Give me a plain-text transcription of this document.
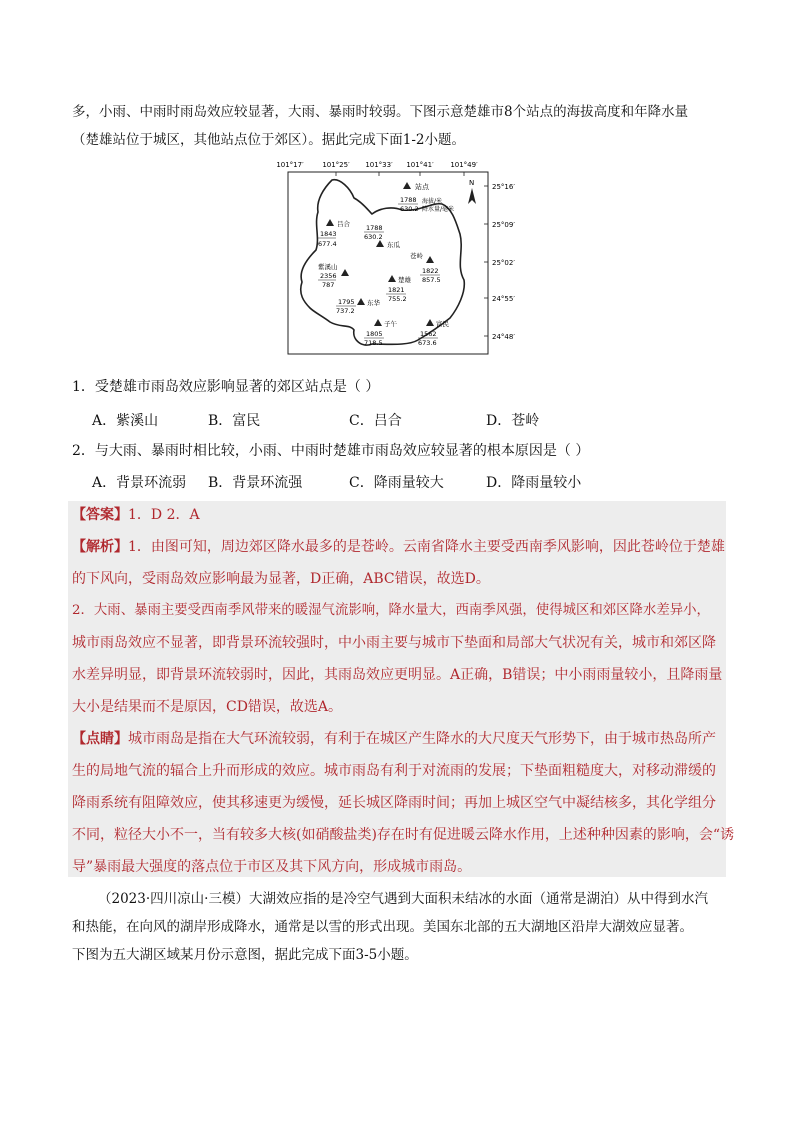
多，小雨、中雨时雨岛效应较显著，大雨、暴雨时较弱。下图示意楚雄市8个站点的海拔高度和年降水量
（楚雄站位于城区，其他站点位于郊区）。据此完成下面1-2小题。
101°17′	101°25′ 101°33′ 101°41′ 101°49′
25°16′
25°09′
25°02′
24°55′
24°48′
N
站点
1788
630.2
海拔/米
降水量/毫米
吕合
1843
677.4
1788
630.2
东瓜
紫溪山
2356
787
楚雄
1821
755.2
苍岭
1822
857.5
1795
737.2
东华
子午
1805
718.5
富民
1562
673.6
1．受楚雄市雨岛效应影响显著的郊区站点是（ ）
A．紫溪山	B．富民	C．吕合	D．苍岭
2．与大雨、暴雨时相比较，小雨、中雨时楚雄市雨岛效应较显著的根本原因是（ ）
A．背景环流弱 B．背景环流强	C．降雨量较大	D．降雨量较小
【答案】1．D 2．A
【解析】1．由图可知，周边郊区降水最多的是苍岭。云南省降水主要受西南季风影响，因此苍岭位于楚雄
的下风向，受雨岛效应影响最为显著，D正确，ABC错误，故选D。
2．大雨、暴雨主要受西南季风带来的暖湿气流影响，降水量大，西南季风强，使得城区和郊区降水差异小，
城市雨岛效应不显著，即背景环流较强时，中小雨主要与城市下垫面和局部大气状况有关，城市和郊区降
水差异明显，即背景环流较弱时，因此，其雨岛效应更明显。A正确，B错误；中小雨雨量较小，且降雨量
大小是结果而不是原因，CD错误，故选A。
【点睛】城市雨岛是指在大气环流较弱，有利于在城区产生降水的大尺度天气形势下，由于城市热岛所产
生的局地气流的辐合上升而形成的效应。城市雨岛有利于对流雨的发展；下垫面粗糙度大，对移动滞缓的
降雨系统有阻障效应，使其移速更为缓慢，延长城区降雨时间；再加上城区空气中凝结核多，其化学组分
不同，粒径大小不一，当有较多大核(如硝酸盐类)存在时有促进暖云降水作用，上述种种因素的影响，会“诱
导”暴雨最大强度的落点位于市区及其下风方向，形成城市雨岛。
（2023·四川凉山·三模）大湖效应指的是冷空气遇到大面积未结冰的水面（通常是湖泊）从中得到水汽
和热能，在向风的湖岸形成降水，通常是以雪的形式出现。美国东北部的五大湖地区沿岸大湖效应显著。
下图为五大湖区域某月份示意图，据此完成下面3-5小题。
